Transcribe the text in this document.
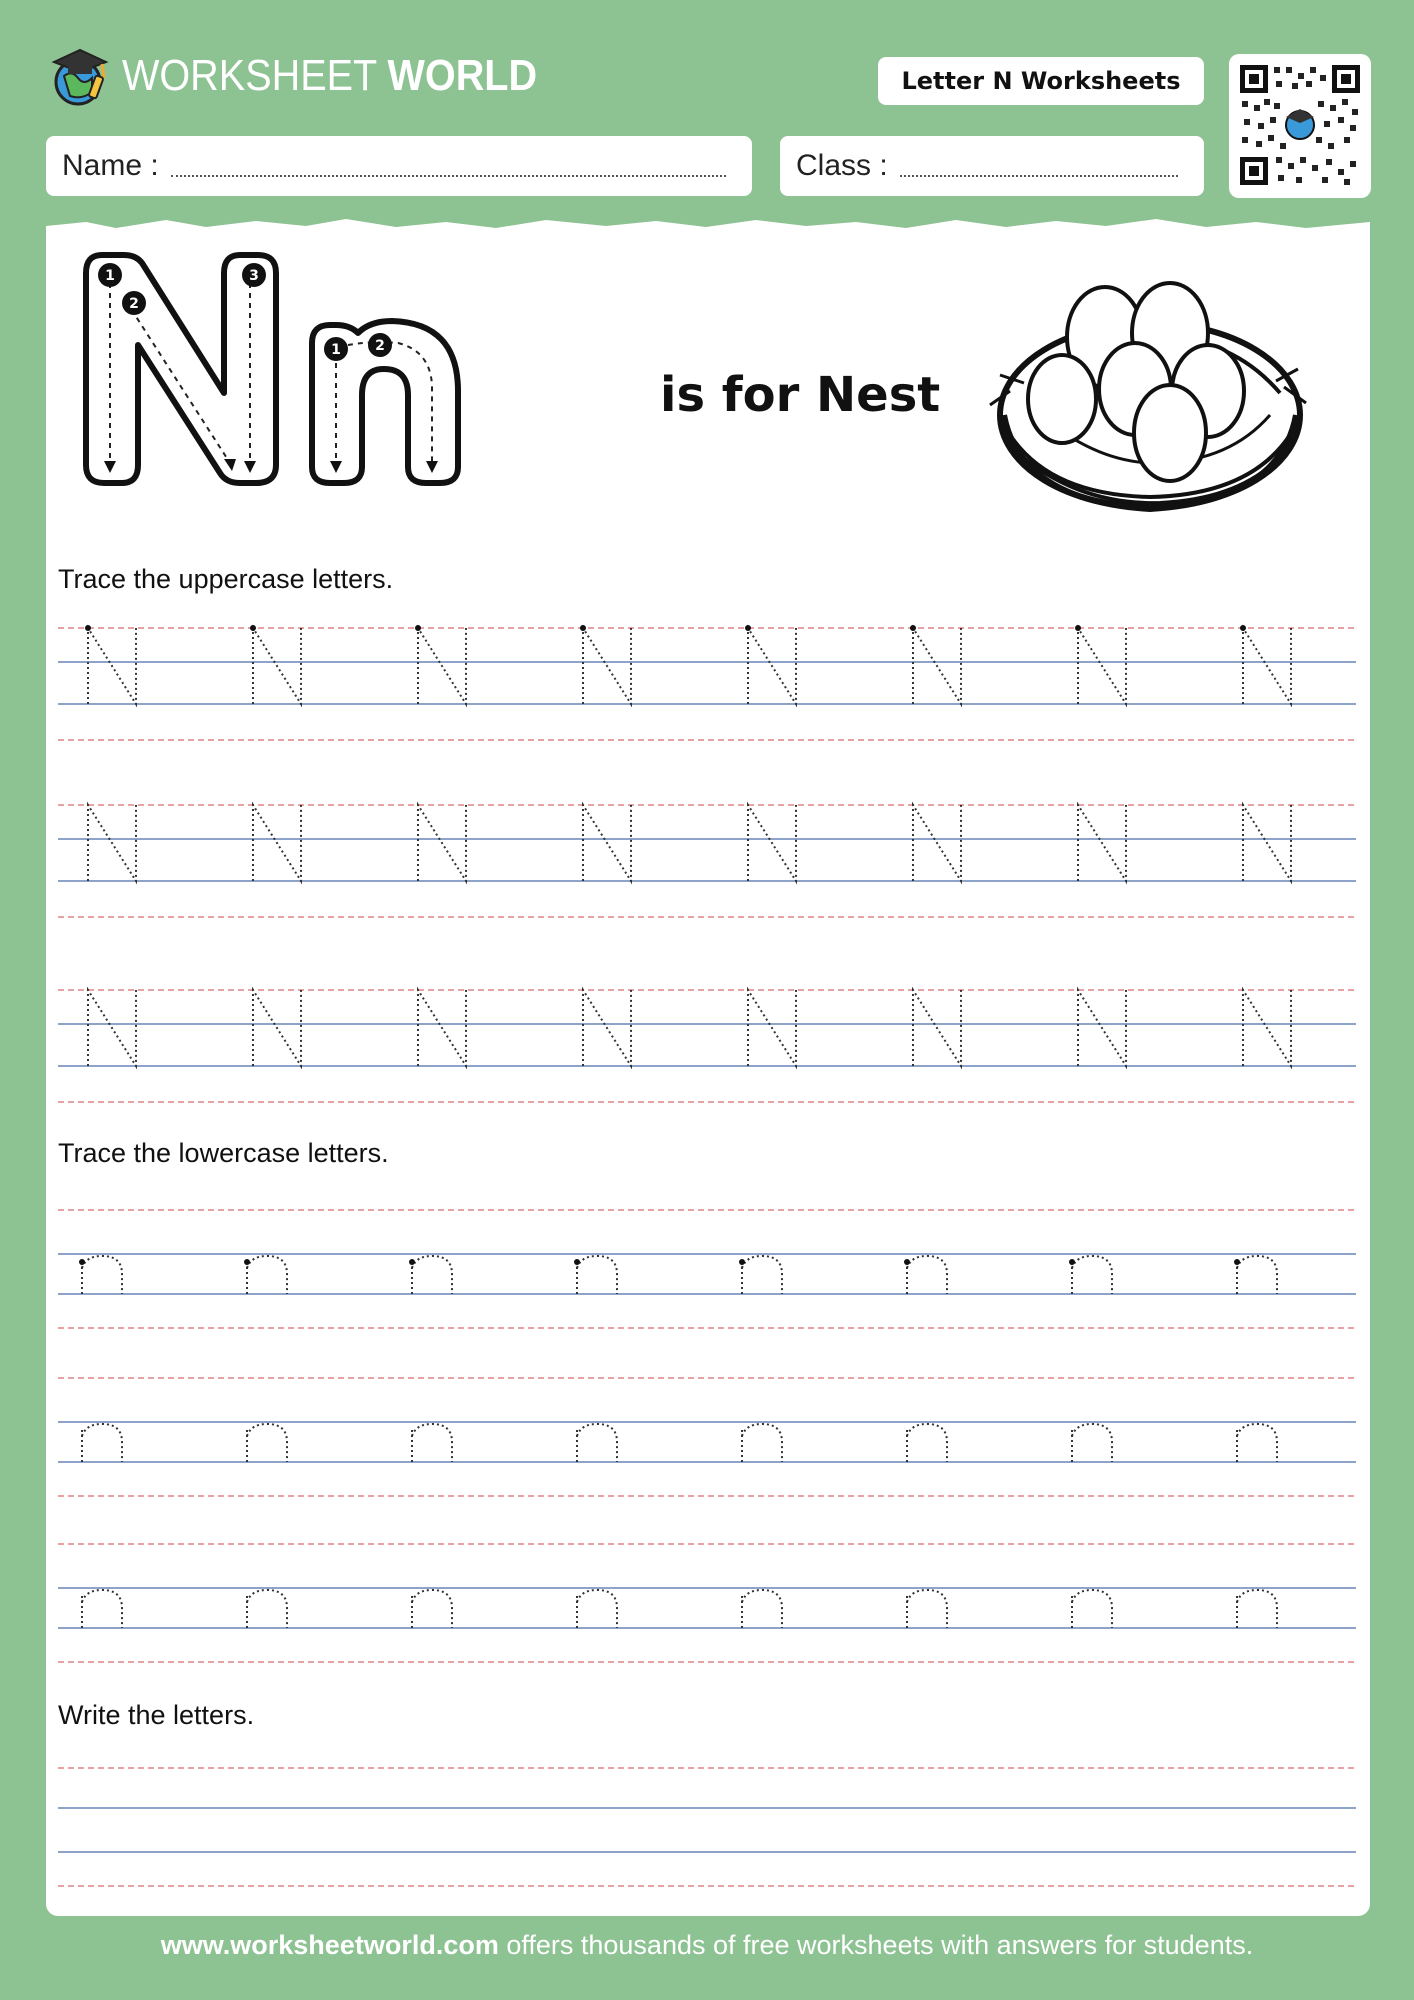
WORKSHEET WORLD	Letter N Worksheets
Name :	Class :
1
2
3
1 2
is for Nest
Trace the uppercase letters.
Trace the lowercase letters.
Write the letters.
www.worksheetworld.com offers thousands of free worksheets with answers for students.
